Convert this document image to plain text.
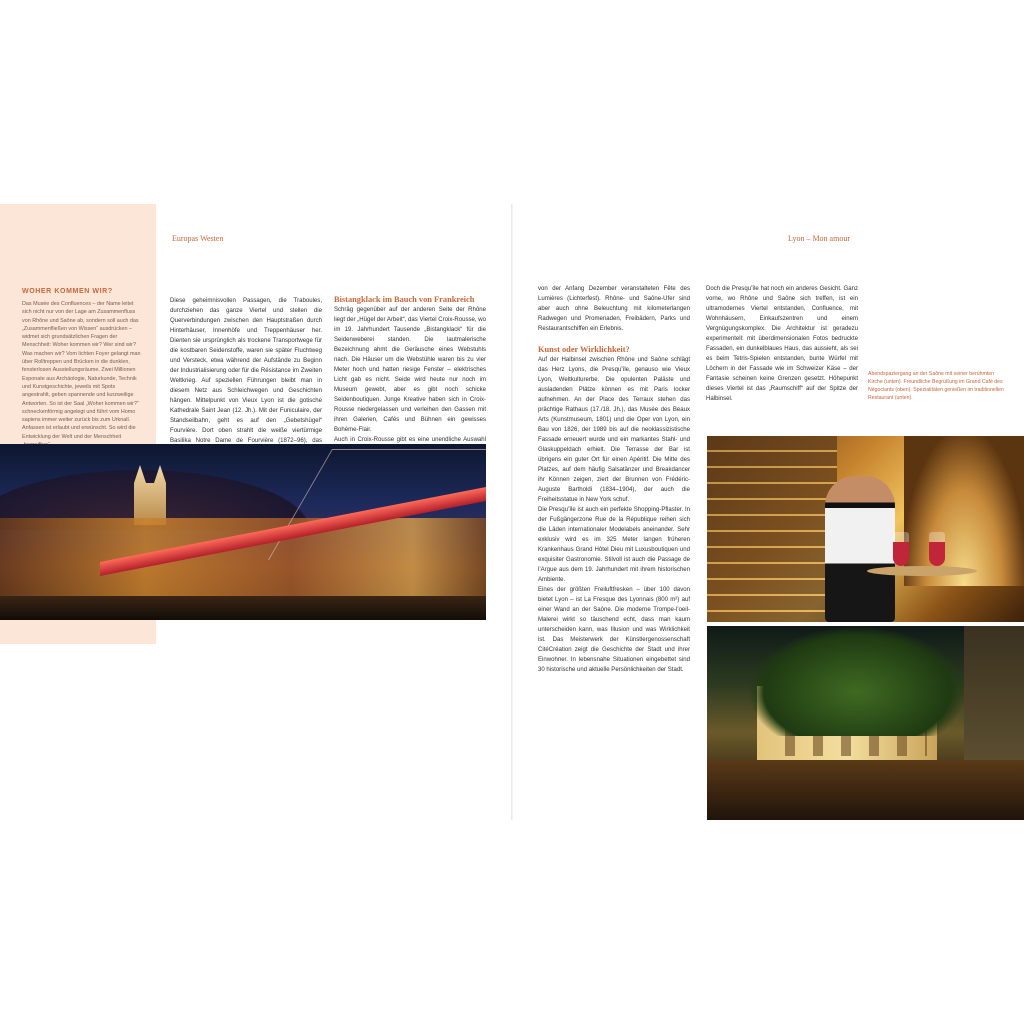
WOHER KOMMEN WIR?

Das Musée des Confluences – der Name leitet sich nicht nur von der Lage am Zusammenfluss von Rhône und Saône ab, sondern soll auch das „Zusammenfließen von Wissen“ ausdrücken – widmet sich grundsätzlichen Fragen der Menschheit: Woher kommen wir? Wer sind wir? Was machen wir? Vom lichten Foyer gelangt man über Rolltreppen und Brücken in die dunklen, fensterlosen Ausstellungsräume. Zwei Millionen Exponate aus Archäologie, Naturkunde, Technik und Kunstgeschichte, jeweils mit Spots angestrahlt, geben spannende und kurzweilige Antworten. So ist der Saal „Woher kommen wir?“ schneckenförmig angelegt und führt vom Homo sapiens immer weiter zurück bis zum Urknall. Anfassen ist erlaubt und erwünscht. So wird die Entwicklung der Welt und der Menschheit

Europas Westen	Lyon – Mon amour

Diese geheimnisvollen Passagen, die Traboules, durchziehen das ganze Viertel und stellen die Querverbindungen zwischen den Hauptstraßen durch Hinterhäuser, Innenhöfe und Treppenhäuser her. Dienten sie ursprünglich als trockene Transportwege für die kostbaren Seidenstoffe, waren sie später Fluchtweg und Versteck, etwa während der Aufstände zu Beginn der Industrialisierung oder für die Résistance im Zweiten Weltkrieg. Auf speziellen Führungen bleibt man in diesem Netz aus Schleichwegen und Geschichten hängen. Mittelpunkt von Vieux Lyon ist die gotische Kathedrale Saint Jean (12. Jh.). Mit der Funiculaire, der Standseilbahn, geht es auf den „Gebetshügel“ Fourvière. Dort oben strahlt die weiße viertürmige Basilika Notre Dame de Fourvière (1872–96), das

Bistangklack im Bauch von Frankreich

Schräg gegenüber auf der anderen Seite der Rhône liegt der „Hügel der Arbeit“, das Viertel Croix-Rousse, wo im 19. Jahrhundert Tausende „Bistangklack“ für die Seidenweberei standen. Die lautmalerische Bezeichnung ahmt die Geräusche eines Webstuhls nach. Die Häuser um die Webstühle waren bis zu vier Meter hoch und hatten riesige Fenster – elektrisches Licht gab es nicht. Seide wird heute nur noch im Museum gewebt, aber es gibt noch schicke Seidenboutiquen. Junge Kreative haben sich in Croix-Rousse niedergelassen und verleihen den Gassen mit ihren Galerien, Cafés und Bühnen ein gewisses Bohème-Flair.

Auch in Croix-Rousse gibt es eine unendliche Auswahl

von der Anfang Dezember veranstalteten Fête des Lumières (Lichterfest). Rhône- und Saône-Ufer sind aber auch ohne Beleuchtung mit kilometerlangen Radwegen und Promenaden, Freibädern, Parks und Restaurantschiffen ein Erlebnis.

Kunst oder Wirklichkeit?

Auf der Halbinsel zwischen Rhône und Saône schlägt das Herz Lyons, die Presqu’île, genauso wie Vieux Lyon, Weltkulturerbe. Die opulenten Paläste und ausladenden Plätze können es mit Paris locker aufnehmen. An der Place des Terraux stehen das prächtige Rathaus (17./18. Jh.), das Musée des Beaux Arts (Kunstmuseum, 1801) und die Oper von Lyon, ein Bau von 1826, der 1989 bis auf die neoklassizistische Fassade erneuert wurde und ein markantes Stahl- und Glaskuppeldach erhielt. Die Terrasse der Bar ist übrigens ein guter Ort für einen Apéritif. Die Mitte des Platzes, auf dem häufig Salsatänzer und Breakdancer ihr Können zeigen, ziert der Brunnen von Frédéric-Auguste Bartholdi (1834–1904), der auch die Freiheitsstatue in New York schuf.

Die Presqu’île ist auch ein perfekte Shopping-Pflaster. In der Fußgängerzone Rue de la République reihen sich die Läden internationaler Modelabels aneinander. Sehr exklusiv wird es im 325 Meter langen früheren Krankenhaus Grand Hôtel Dieu mit Luxusboutiquen und exquisiter Gastronomie. Stilvoll ist auch die Passage de l’Argue aus dem 19. Jahrhundert mit ihrem historischen Ambiente.

Eines der größten Freiluftfresken – über 100 davon bietet Lyon – ist La Fresque des Lyonnais (800 m²) auf einer Wand an der Saône. Die moderne Trompe-l’oeil-Malerei wirkt so täuschend echt, dass man kaum unterscheiden kann, was Illusion und was Wirklichkeit ist. Das Meisterwerk der Künstlergenossenschaft CitéCréation zeigt die Geschichte der Stadt und ihrer Einwohner. In lebensnahe Situationen eingebettet sind 30 historische und aktuelle Persönlichkeiten der Stadt.

Doch die Presqu’île hat noch ein anderes Gesicht. Ganz vorne, wo Rhône und Saône sich treffen, ist ein ultramodernes Viertel entstanden, Confluence, mit Wohnhäusern, Einkaufszentren und einem Vergnügungskomplex. Die Architektur ist geradezu experimentell: mit überdimensionalen Fotos bedruckte Fassaden, ein dunkelblaues Haus, das aussieht, als sei es beim Tetris-Spielen entstanden, bunte Würfel mit Löchern in der Fassade wie im Schweizer Käse – der Fantasie scheinen keine Grenzen gesetzt. Höhepunkt dieses Viertel ist das „Raumschiff“ auf der Spitze der Halbinsel.

Abendspaziergang an der Saône mit seiner berühmten Kirche (unten). Freundliche Begrüßung im Grand Café des Négociants (oben). Spezialitäten genießen im traditionellen Restaurant (unten).
